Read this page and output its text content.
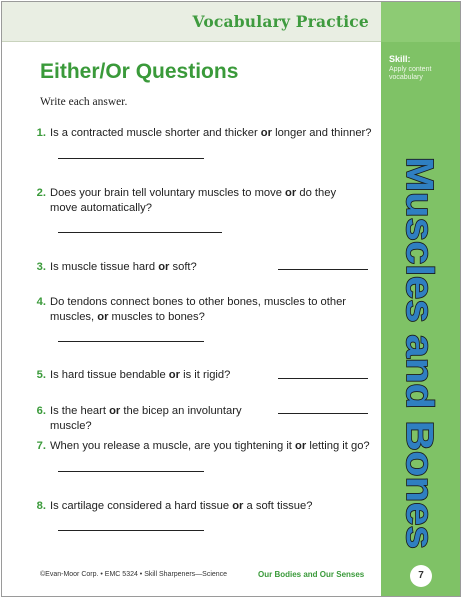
Vocabulary Practice
Skill:
Apply content vocabulary
Muscles and Bones
Either/Or Questions
Write each answer.
1. Is a contracted muscle shorter and thicker or longer and thinner?
2. Does your brain tell voluntary muscles to move or do they
move automatically?
3. Is muscle tissue hard or soft?
4. Do tendons connect bones to other bones, muscles to other
muscles, or muscles to bones?
5. Is hard tissue bendable or is it rigid?
6. Is the heart or the bicep an involuntary muscle?
7. When you release a muscle, are you tightening it or letting it go?
8. Is cartilage considered a hard tissue or a soft tissue?
©Evan-Moor Corp. • EMC 5324 • Skill Sharpeners—Science	Our Bodies and Our Senses	7
